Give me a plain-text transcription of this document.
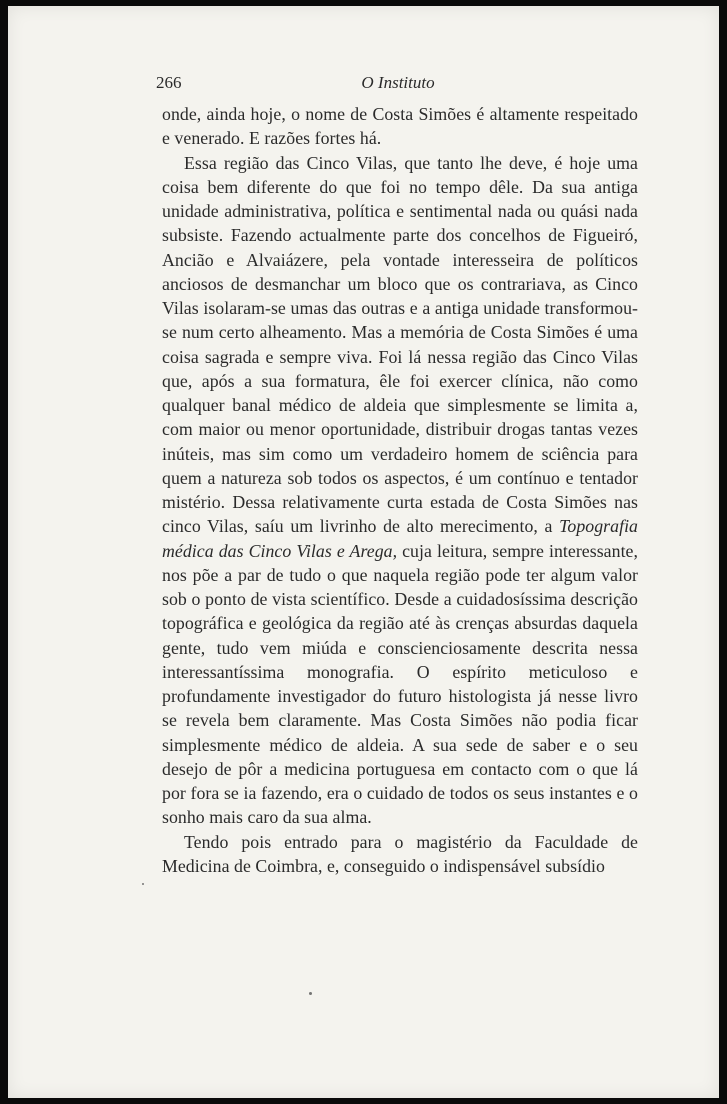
266	O Instituto

onde, ainda hoje, o nome de Costa Simões é altamente respeitado e venerado. E razões fortes há.

Essa região das Cinco Vilas, que tanto lhe deve, é hoje uma coisa bem diferente do que foi no tempo dêle. Da sua antiga unidade administrativa, política e sentimental nada ou quási nada subsiste. Fazendo actualmente parte dos concelhos de Figueiró, Ancião e Alvaiázere, pela vontade interesseira de políticos anciosos de desmanchar um bloco que os contrariava, as Cinco Vilas isolaram-se umas das outras e a antiga unidade transformou-se num certo alheamento. Mas a memória de Costa Simões é uma coisa sagrada e sempre viva. Foi lá nessa região das Cinco Vilas que, após a sua formatura, êle foi exercer clínica, não como qualquer banal médico de aldeia que simplesmente se limita a, com maior ou menor oportunidade, distribuir drogas tantas vezes inúteis, mas sim como um verdadeiro homem de sciência para quem a natureza sob todos os aspectos, é um contínuo e tentador mistério. Dessa relativamente curta estada de Costa Simões nas cinco Vilas, saíu um livrinho de alto merecimento, a Topografia médica das Cinco Vilas e Arega, cuja leitura, sempre interessante, nos põe a par de tudo o que naquela região pode ter algum valor sob o ponto de vista scientífico. Desde a cuidadosíssima descrição topográfica e geológica da região até às crenças absurdas daquela gente, tudo vem miúda e conscienciosamente descrita nessa interessantíssima monografia. O espírito meticuloso e profundamente investigador do futuro histologista já nesse livro se revela bem claramente. Mas Costa Simões não podia ficar simplesmente médico de aldeia. A sua sede de saber e o seu desejo de pôr a medicina portuguesa em contacto com o que lá por fora se ia fazendo, era o cuidado de todos os seus instantes e o sonho mais caro da sua alma.

Tendo pois entrado para o magistério da Faculdade de Medicina de Coimbra, e, conseguido o indispensável subsídio
